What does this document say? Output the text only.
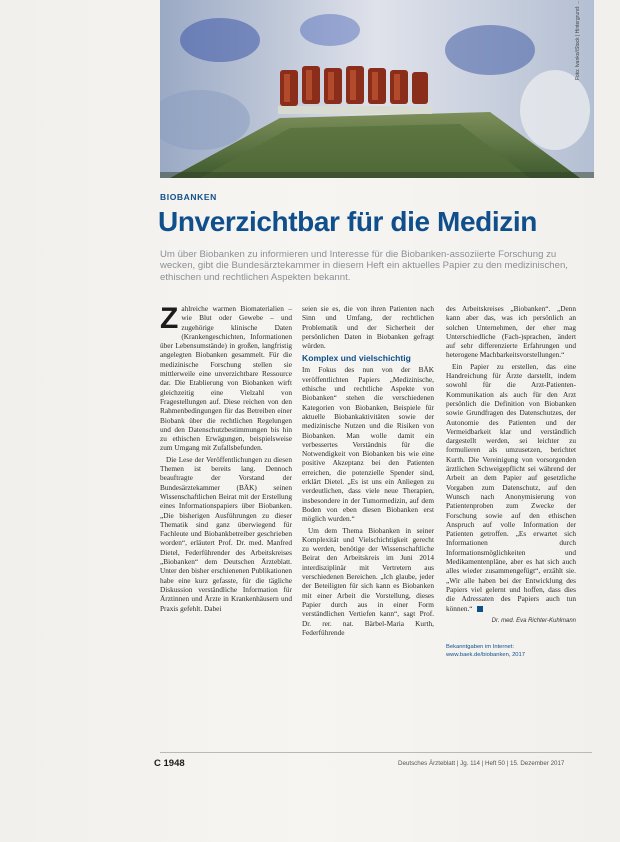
Foto: Ivanko/iStock | Hintergrund: ...
BIOBANKEN
Unverzichtbar für die Medizin
Um über Biobanken zu informieren und Interesse für die Biobanken-assoziierte Forschung zu wecken, gibt die Bundesärztekammer in diesem Heft ein aktuelles Papier zu den medizinischen, ethischen und rechtlichen Aspekten bekannt.

Zahlreiche warmen Biomaterialien – wie Blut oder Gewebe – und zugehörige klinische Daten (Krankengeschichten, Informationen über Lebensumstände) in großen, langfristig angelegten Biobanken gesammelt. Für die medizinische Forschung stellen sie mittlerweile eine unverzichtbare Ressource dar. Die Etablierung von Biobanken wirft gleichzeitig eine Vielzahl von Fragestellungen auf. Diese reichen von den Rahmenbedingungen für das Betreiben einer Biobank über die rechtlichen Regelungen und den Datenschutzbestimmungen bis hin zu ethischen Erwägungen, beispielsweise zum Umgang mit Zufallsbefunden.

Die Lese der Veröffentlichungen zu diesen Themen ist bereits lang. Dennoch beauftragte der Vorstand der Bundesärztekammer (BÄK) seinen Wissenschaftlichen Beirat mit der Erstellung eines Informationspapiers über Biobanken. „Die bisherigen Ausführungen zu dieser Thematik sind ganz überwiegend für Fachleute und Biobankbetreiber geschrieben worden“, erläutert Prof. Dr. med. Manfred Dietel, Federführender des Arbeitskreises „Biobanken“ dem Deutschen Ärzteblatt. Unter den bisher erschienenen Publikationen habe eine kurz gefasste, für die tägliche Diskussion verständliche Information für Ärztinnen und Ärzte in Krankenhäusern und Praxis gefehlt. Dabei

seien sie es, die von ihren Patienten nach Sinn und Umfang, der rechtlichen Problematik und der Sicherheit der persönlichen Daten in Biobanken gefragt würden.

Komplex und vielschichtig

Im Fokus des nun von der BÄK veröffentlichten Papiers „Medizinische, ethische und rechtliche Aspekte von Biobanken“ stehen die verschiedenen Kategorien von Biobanken, Beispiele für aktuelle Biobankaktivitäten sowie der medizinische Nutzen und die Risiken von Biobanken. Man wolle damit ein verbessertes Verständnis für die Notwendigkeit von Biobanken bis wie eine positive Akzeptanz bei den Patienten erreichen, die potenzielle Spender sind, erklärt Dietel. „Es ist uns ein Anliegen zu verdeutlichen, dass viele neue Therapien, insbesondere in der Tumormedizin, auf dem Boden von eben diesen Biobanken erst möglich wurden.“

Um dem Thema Biobanken in seiner Komplexität und Vielschichtigkeit gerecht zu werden, benötige der Wissenschaftliche Beirat den Arbeitskreis im Juni 2014 interdisziplinär mit Vertretern aus verschiedenen Bereichen. „Ich glaube, jeder der Beteiligten für sich kann es Biobanken mit einer Arbeit die Vorstellung, dieses Papier durch aus in einer Form verständlichen Vertiefen kann“, sagt Prof. Dr. rer. nat. Bärbel-Maria Kurth, Federführende

des Arbeitskreises „Biobanken“. „Denn kann aber das, was ich persönlich an solchen Unternehmen, der eher mag Unterschiedliche (Fach-)sprachen, ändert auf sehr differenzierte Erfahrungen und heterogene Machbarkeitsvorstellungen.“

Ein Papier zu erstellen, das eine Handreichung für Ärzte darstellt, indem sowohl für die Arzt-Patienten-Kommunikation als auch für den Arzt persönlich die Definition von Biobanken sowie Grundfragen des Datenschutzes, der Autonomie des Patienten und der Vermeidbarkeit klar und verständlich dargestellt werden, sei leichter zu formulieren als umzusetzen, berichtet Kurth. Die Vereinigung von vorsorgenden ärztlichen Schweigepflicht sei während der Arbeit an dem Papier auf gesetzliche Vorgaben zum Datenschutz, auf den Wunsch nach Anonymisierung von Patientenproben zum Zwecke der Forschung sowie auf den ethischen Anspruch auf volle Information der Patienten getroffen. „Es erwartet sich Informationen durch Informationsmöglichkeiten und Medikamentenpläne, aber es hat sich auch alles wieder zusammengefügt“, erzählt sie. „Wir alle haben bei der Entwicklung des Papiers viel gelernt und hoffen, dass dies die Adressaten des Papiers auch tun können.“

Dr. med. Eva Richter-Kuhlmann
Bekanntgaben im Internet:
www.baek.de/biobanken, 2017
C 1948	Deutsches Ärzteblatt | Jg. 114 | Heft 50 | 15. Dezember 2017
